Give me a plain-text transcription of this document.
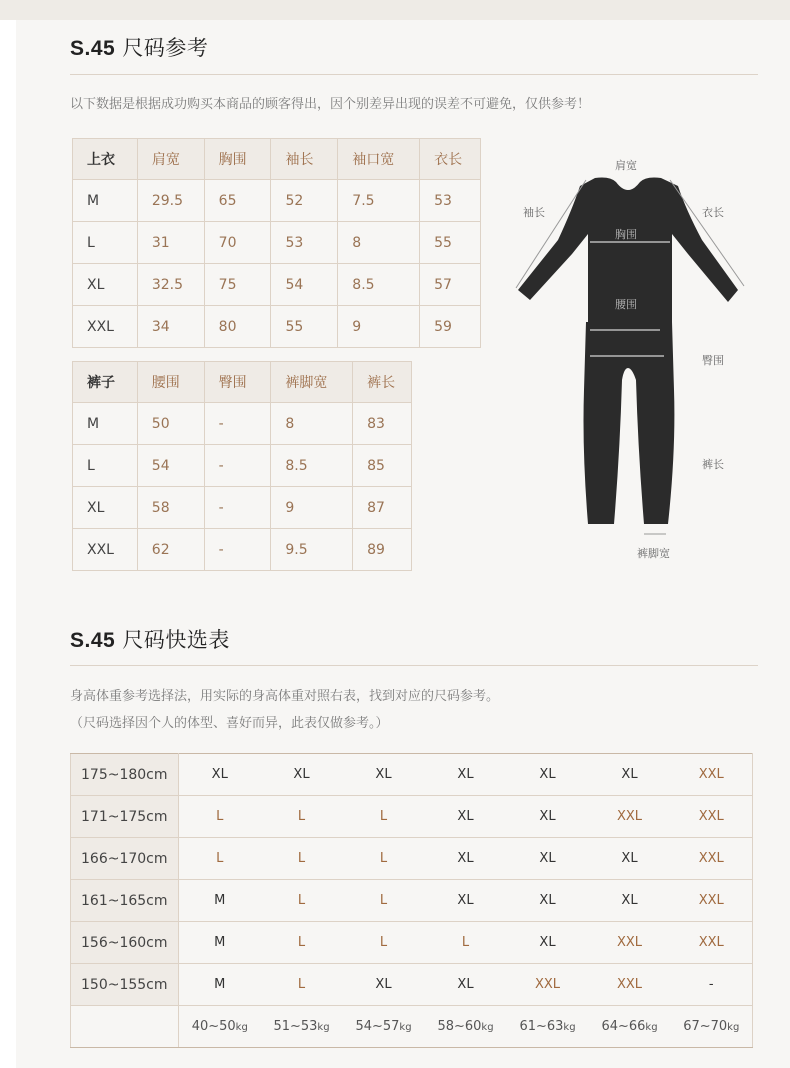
S.45 尺码参考
以下数据是根据成功购买本商品的顾客得出，因个别差异出现的误差不可避免，仅供参考！
上衣	肩宽	胸围	袖长	袖口宽	衣长
M	29.5	65	52	7.5	53
L	31	70	53	8	55
XL	32.5	75	54	8.5	57
XXL	34	80	55	9	59
裤子	腰围	臀围	裤脚宽	裤长
M	50	-	8	83
L	54	-	8.5	85
XL	58	-	9	87
XXL	62	-	9.5	89
肩宽
袖长	衣长
胸围
腰围
臀围
裤长
裤脚宽
S.45 尺码快选表
身高体重参考选择法，用实际的身高体重对照右表，找到对应的尺码参考。
（尺码选择因个人的体型、喜好而异，此表仅做参考。）
175~180cm	XL	XL	XL	XL	XL	XL	XXL
171~175cm	L	L	L	XL	XL	XXL	XXL
166~170cm	L	L	L	XL	XL	XL	XXL
161~165cm	M	L	L	XL	XL	XL	XXL
156~160cm	M	L	L	L	XL	XXL	XXL
150~155cm	M	L	XL	XL	XXL	XXL	-
	40~50kg	51~53kg	54~57kg	58~60kg	61~63kg	64~66kg	67~70kg
